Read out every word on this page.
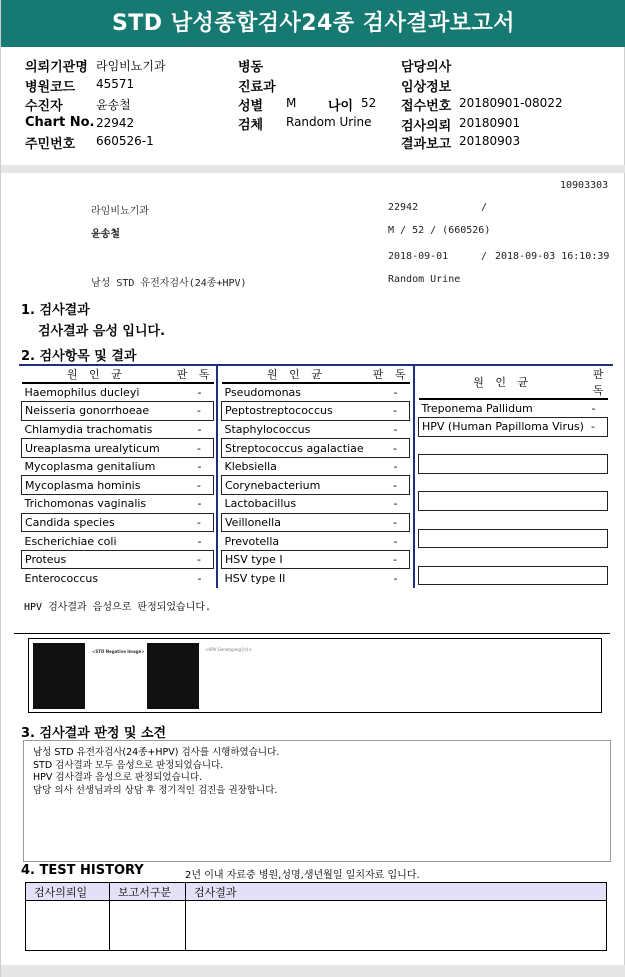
STD 남성종합검사24종 검사결과보고서
의뢰기관명 라임비뇨기과
병원코드 45571
수진자	윤송철
Chart No. 22942
주민번호 660526-1
병동
진료과
성별 M 나이 52
검체 Random Urine
담당의사
임상정보
접수번호 20180901-08022
검사의뢰 20180901
결과보고 20180903
10903303
라임비뇨기과	22942	/
윤송철	M / 52 / (660526)
2018-09-01	/ 2018-09-03 16:10:39
남성 STD 유전자검사(24종+HPV)	Random Urine
1. 검사결과
검사결과 음성 입니다.
2. 검사항목 및 결과
원 인 균	판 독
Haemophilus ducleyi	-
Neisseria gonorrhoeae	-
Chlamydia trachomatis	-
Ureaplasma urealyticum	-
Mycoplasma genitalium	-
Mycoplasma hominis	-
Trichomonas vaginalis	-
Candida species	-
Escherichiae coli	-
Proteus	-
Enterococcus	-
원 인 균	판 독
Pseudomonas	-
Peptostreptococcus	-
Staphylococcus	-
Streptococcus agalactiae	-
Klebsiella	-
Corynebacterium	-
Lactobacillus	-
Veillonella	-
Prevotella	-
HSV type I	-
HSV type II	-
원 인 균	판 독
Treponema Pallidum	-
HPV (Human Papilloma Virus)	-

HPV 검사결과 음성으로 판정되었습니다.
<STD Negative Image>	<HPV Genotyping결과>
3. 검사결과 판정 및 소견

남성 STD 유전자검사(24종+HPV) 검사를 시행하였습니다.

STD 검사결과 모두 음성으로 판정되었습니다.

HPV 검사결과 음성으로 판정되었습니다.

담당 의사 선생님과의 상담 후 정기적인 검진을 권장합니다.

4. TEST HISTORY	2년 이내 자료중 병원,성명,생년월일 일치자료 입니다.
검사의뢰일	보고서구분	검사결과
